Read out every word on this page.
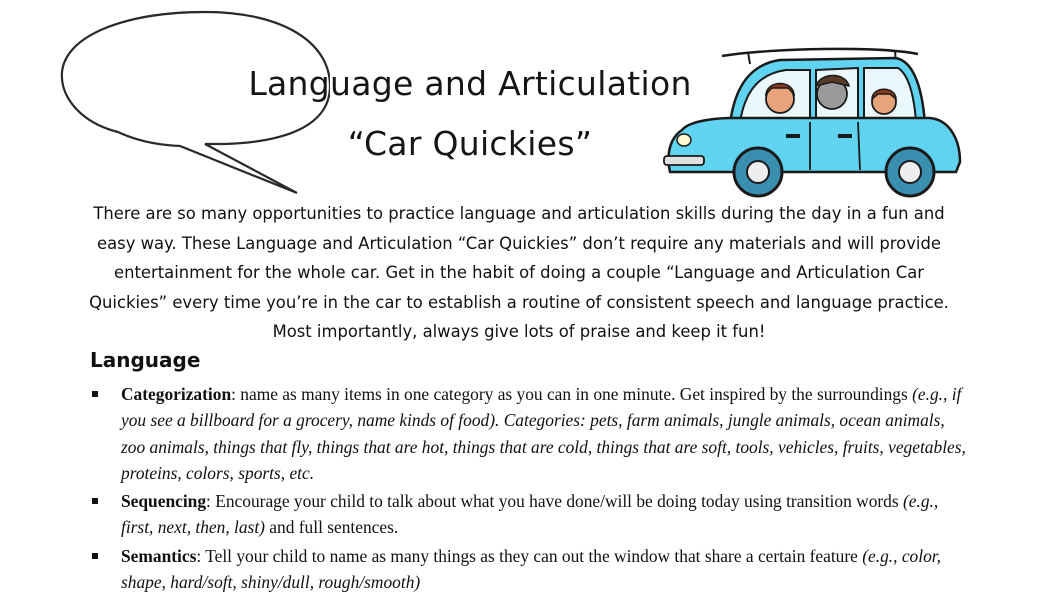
Language and Articulation
“Car Quickies”

There are so many opportunities to practice language and articulation skills during the day in a fun and easy way. These Language and Articulation “Car Quickies” don’t require any materials and will provide entertainment for the whole car. Get in the habit of doing a couple “Language and Articulation Car Quickies” every time you’re in the car to establish a routine of consistent speech and language practice. Most importantly, always give lots of praise and keep it fun!

Language
Categorization: name as many items in one category as you can in one minute. Get inspired by the surroundings (e.g., if you see a billboard for a grocery, name kinds of food). Categories: pets, farm animals, jungle animals, ocean animals, zoo animals, things that fly, things that are hot, things that are cold, things that are soft, tools, vehicles, fruits, vegetables, proteins, colors, sports, etc.
Sequencing: Encourage your child to talk about what you have done/will be doing today using transition words (e.g., first, next, then, last) and full sentences.
Semantics: Tell your child to name as many things as they can out the window that share a certain feature (e.g., color, shape, hard/soft, shiny/dull, rough/smooth)
